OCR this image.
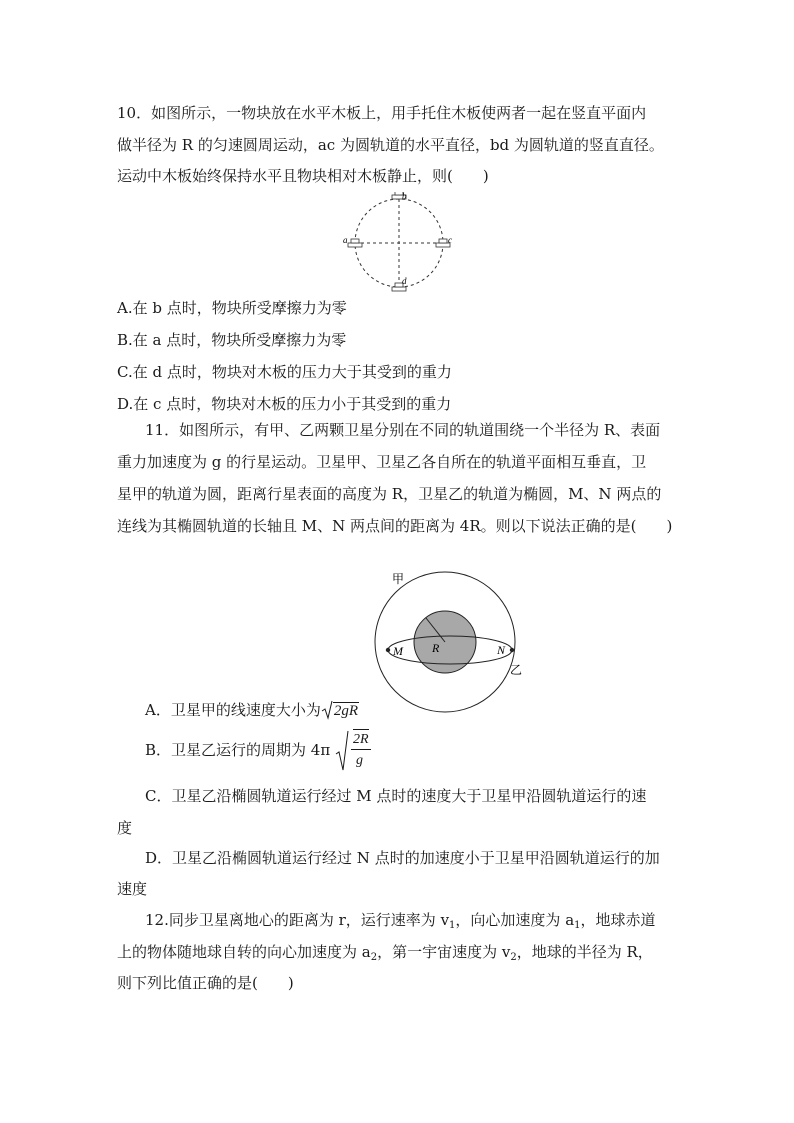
10．如图所示，一物块放在水平木板上，用手托住木板使两者一起在竖直平面内
做半径为 R 的匀速圆周运动，ac 为圆轨道的水平直径，bd 为圆轨道的竖直直径。
运动中木板始终保持水平且物块相对木板静止，则(　　)
b
d
a	c
A.在 b 点时，物块所受摩擦力为零
B.在 a 点时，物块所受摩擦力为零
C.在 d 点时，物块对木板的压力大于其受到的重力
D.在 c 点时，物块对木板的压力小于其受到的重力
11．如图所示，有甲、乙两颗卫星分别在不同的轨道围绕一个半径为 R、表面
重力加速度为 g 的行星运动。卫星甲、卫星乙各自所在的轨道平面相互垂直，卫
星甲的轨道为圆，距离行星表面的高度为 R，卫星乙的轨道为椭圆，M、N 两点的
连线为其椭圆轨道的长轴且 M、N 两点间的距离为 4R。则以下说法正确的是(　　)
甲
M	N
R
乙
A．卫星甲的线速度大小为 2gR
B．卫星乙运行的周期为 $4\pi \frac{2R}{g}$
C．卫星乙沿椭圆轨道运行经过 M 点时的速度大于卫星甲沿圆轨道运行的速
度
D．卫星乙沿椭圆轨道运行经过 N 点时的加速度小于卫星甲沿圆轨道运行的加
速度
12.同步卫星离地心的距离为 r，运行速率为 $v_1$，向心加速度为 $a_1$，地球赤道
上的物体随地球自转的向心加速度为 $a_2$，第一宇宙速度为 $v_2$，地球的半径为 R，
则下列比值正确的是(　　)
